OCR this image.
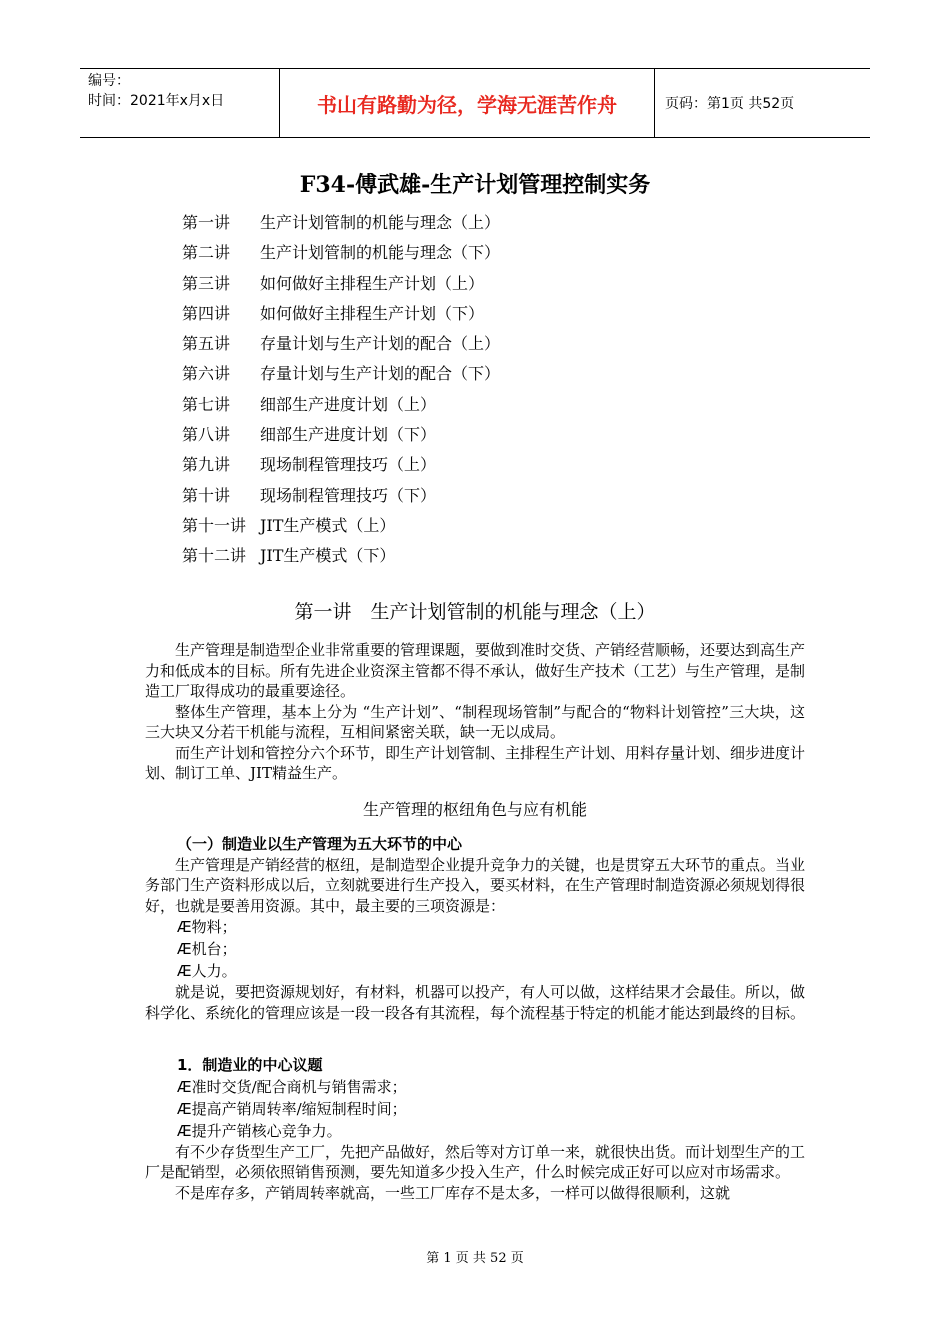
编号：
时间：2021年x月x日	书山有路勤为径，学海无涯苦作舟	页码：第1页 共52页
F34-傅武雄-生产计划管理控制实务
第一讲 生产计划管制的机能与理念（上）
第二讲 生产计划管制的机能与理念（下）
第三讲 如何做好主排程生产计划（上）
第四讲 如何做好主排程生产计划（下）
第五讲 存量计划与生产计划的配合（上）
第六讲 存量计划与生产计划的配合（下）
第七讲 细部生产进度计划（上）
第八讲 细部生产进度计划（下）
第九讲 现场制程管理技巧（上）
第十讲 现场制程管理技巧（下）
第十一讲 JIT生产模式（上）
第十二讲 JIT生产模式（下）
第一讲　生产计划管制的机能与理念（上）

生产管理是制造型企业非常重要的管理课题，要做到准时交货、产销经营顺畅，还要达到高生产力和低成本的目标。所有先进企业资深主管都不得不承认，做好生产技术（工艺）与生产管理，是制造工厂取得成功的最重要途径。

整体生产管理，基本上分为 “生产计划”、“制程现场管制”与配合的“物料计划管控”三大块，这三大块又分若干机能与流程，互相间紧密关联，缺一无以成局。

而生产计划和管控分六个环节，即生产计划管制、主排程生产计划、用料存量计划、细步进度计划、制订工单、JIT精益生产。

生产管理的枢纽角色与应有机能
（一）制造业以生产管理为五大环节的中心

生产管理是产销经营的枢纽，是制造型企业提升竞争力的关键，也是贯穿五大环节的重点。当业务部门生产资料形成以后，立刻就要进行生产投入，要买材料，在生产管理时制造资源必须规划得很好，也就是要善用资源。其中，最主要的三项资源是：

Æ物料；
Æ机台；
Æ人力。

就是说，要把资源规划好，有材料，机器可以投产，有人可以做，这样结果才会最佳。所以，做科学化、系统化的管理应该是一段一段各有其流程，每个流程基于特定的机能才能达到最终的目标。

1．制造业的中心议题
Æ准时交货/配合商机与销售需求；
Æ提高产销周转率/缩短制程时间；
Æ提升产销核心竞争力。

有不少存货型生产工厂，先把产品做好，然后等对方订单一来，就很快出货。而计划型生产的工厂是配销型，必须依照销售预测，要先知道多少投入生产，什么时候完成正好可以应对市场需求。

不是库存多，产销周转率就高，一些工厂库存不是太多，一样可以做得很顺利，这就

第 1 页 共 52 页
